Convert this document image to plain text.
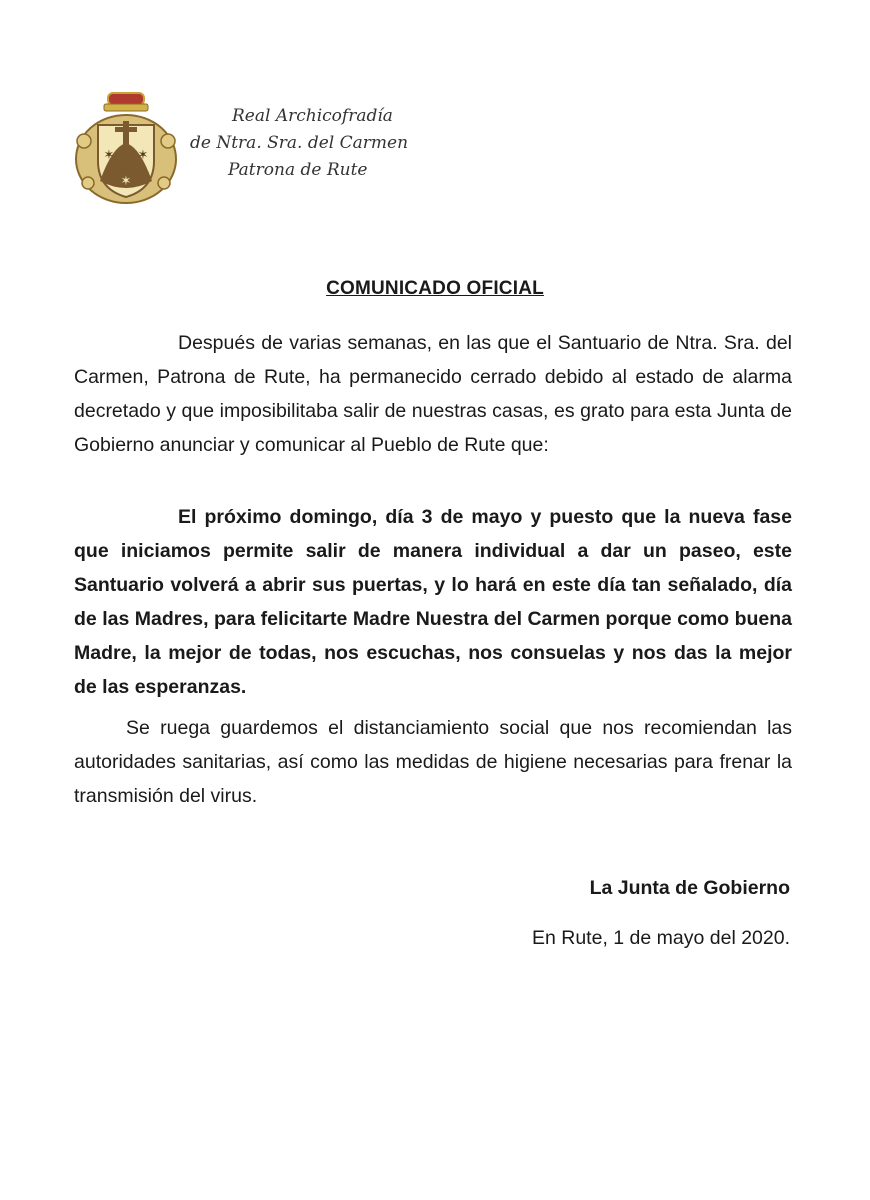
✶ ✶
✶
Real Archicofradía
de Ntra. Sra. del Carmen
Patrona de Rute
COMUNICADO OFICIAL

Después de varias semanas, en las que el Santuario de Ntra. Sra. del Carmen, Patrona de Rute, ha permanecido cerrado debido al estado de alarma decretado y que imposibilitaba salir de nuestras casas, es grato para esta Junta de Gobierno anunciar y comunicar al Pueblo de Rute que:

El próximo domingo, día 3 de mayo y puesto que la nueva fase que iniciamos permite salir de manera individual a dar un paseo, este Santuario volverá a abrir sus puertas, y lo hará en este día tan señalado, día de las Madres, para felicitarte Madre Nuestra del Carmen porque como buena Madre, la mejor de todas, nos escuchas, nos consuelas y nos das la mejor de las esperanzas.

Se ruega guardemos el distanciamiento social que nos recomiendan las autoridades sanitarias, así como las medidas de higiene necesarias para frenar la transmisión del virus.

La Junta de Gobierno
En Rute, 1 de mayo del 2020.
